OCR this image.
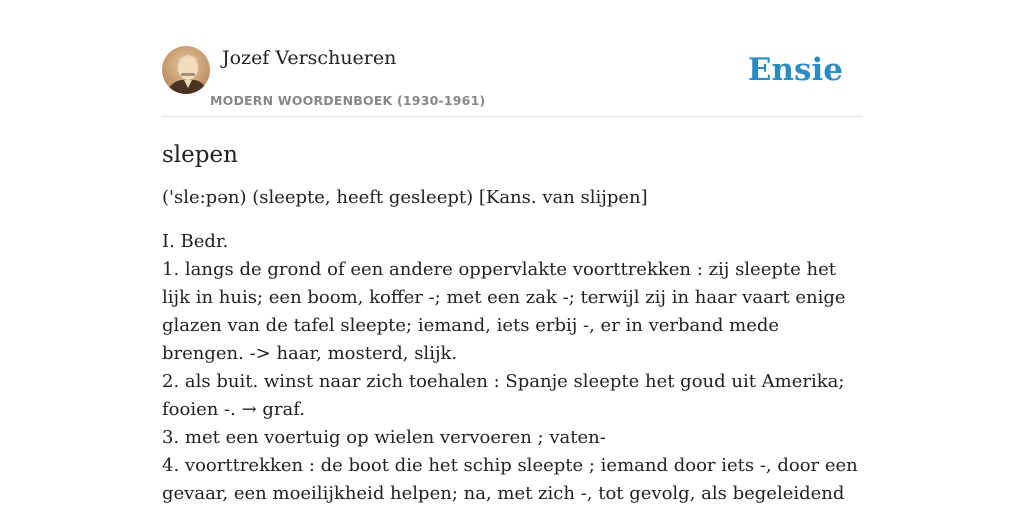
Jozef Verschueren
MODERN WOORDENBOEK (1930-1961)
Ensie
slepen
('sle:pən) (sleepte, heeft gesleept) [Kans. van slijpen]

I. Bedr.

1. langs de grond of een andere oppervlakte voorttrekken : zij sleepte het lijk in huis; een boom, koffer -; met een zak -; terwijl zij in haar vaart enige glazen van de tafel sleepte; iemand, iets erbij -, er in verband mede brengen. -> haar, mosterd, slijk.

2. als buit. winst naar zich toehalen : Spanje sleepte het goud uit Amerika; fooien -. → graf.

3. met een voertuig op wielen vervoeren ; vaten-

4. voorttrekken : de boot die het schip sleepte ; iemand door iets -, door een gevaar, een moeilijkheid helpen; na, met zich -, tot gevolg, als begeleidend
